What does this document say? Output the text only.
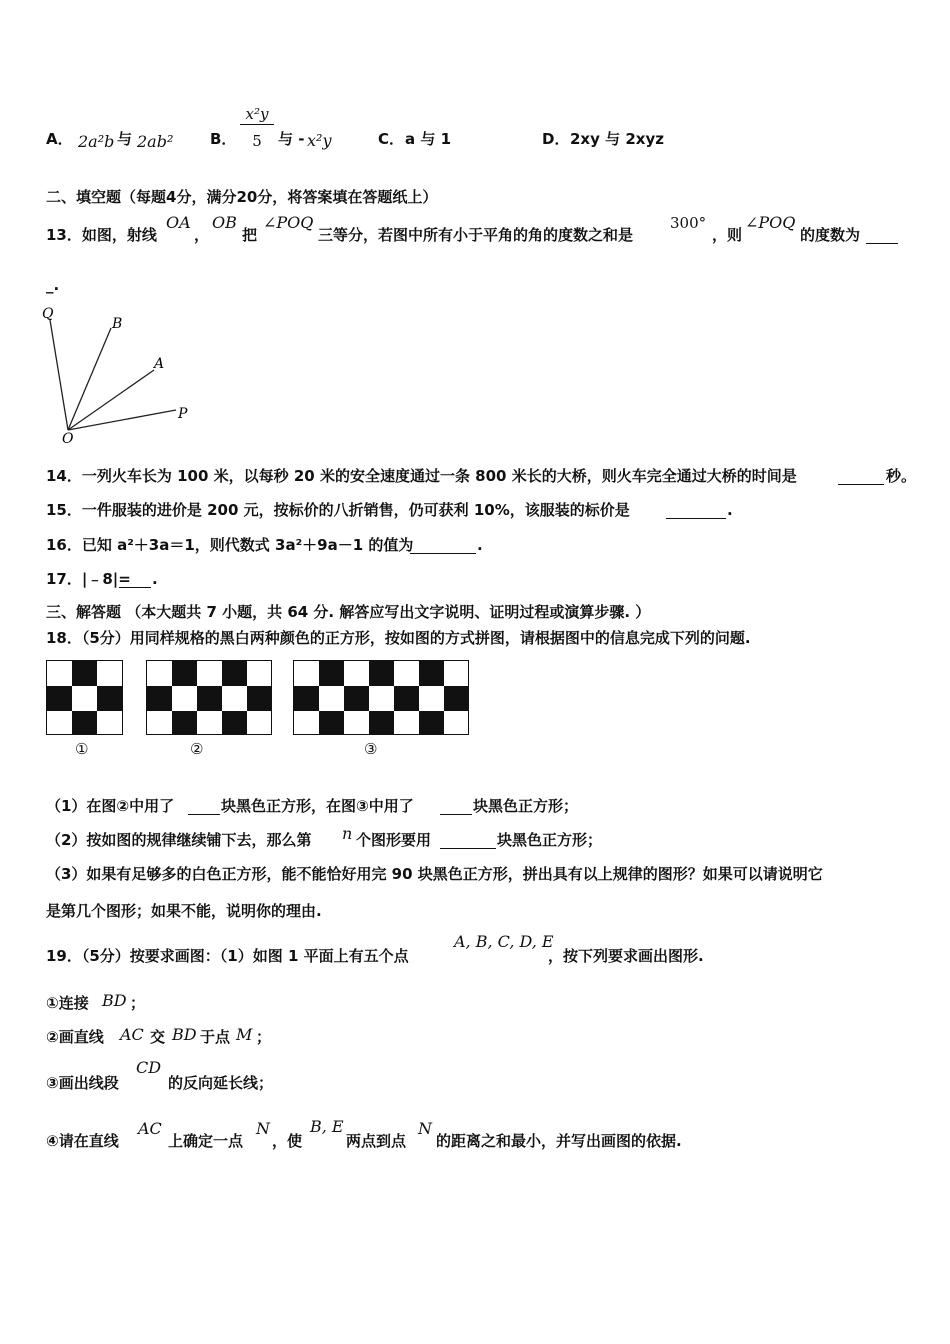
A． 2a²b 与 2ab² B．
x²y
5	与 - x²y	C． a 与 1	D． 2xy 与 2xyz
二、填空题（每题4分，满分20分，将答案填在答题纸上）
13．如图，射线
OA
，
OB
把
∠POQ
三等分，若图中所有小于平角的角的度数之和是
300°
，则
∠POQ
的度数为
_.
Q
B
A
P
O
14．一列火车长为 100 米，以每秒 20 米的安全速度通过一条 800 米长的大桥，则火车完全通过大桥的时间是	秒。
15．一件服装的进价是 200 元，按标价的八折销售，仍可获利 10%，该服装的标价是	.
16．已知 a²＋3a＝1，则代数式 3a²＋9a－1 的值为	.
17．|﹣8|= .
三、解答题 （本大题共 7 小题，共 64 分. 解答应写出文字说明、证明过程或演算步骤. ）
18．（5分）用同样规格的黑白两种颜色的正方形，按如图的方式拼图，请根据图中的信息完成下列的问题.
①	②	③
（1）在图②中用了	块黑色正方形，在图③中用了	块黑色正方形；
（2）按如图的规律继续铺下去，那么第 n 个图形要用	块黑色正方形；
（3）如果有足够多的白色正方形，能不能恰好用完 90 块黑色正方形，拼出具有以上规律的图形？如果可以请说明它
是第几个图形；如果不能，说明你的理由.
19．（5分）按要求画图：（1）如图 1 平面上有五个点
A, B, C, D, E
，按下列要求画出图形.
①连接 BD ；
②画直线 AC 交 BD 于点 M ；
③画出线段
CD
的反向延长线；
④请在直线
AC
上确定一点
N
，使
B, E
两点到点
N
的距离之和最小，并写出画图的依据.
